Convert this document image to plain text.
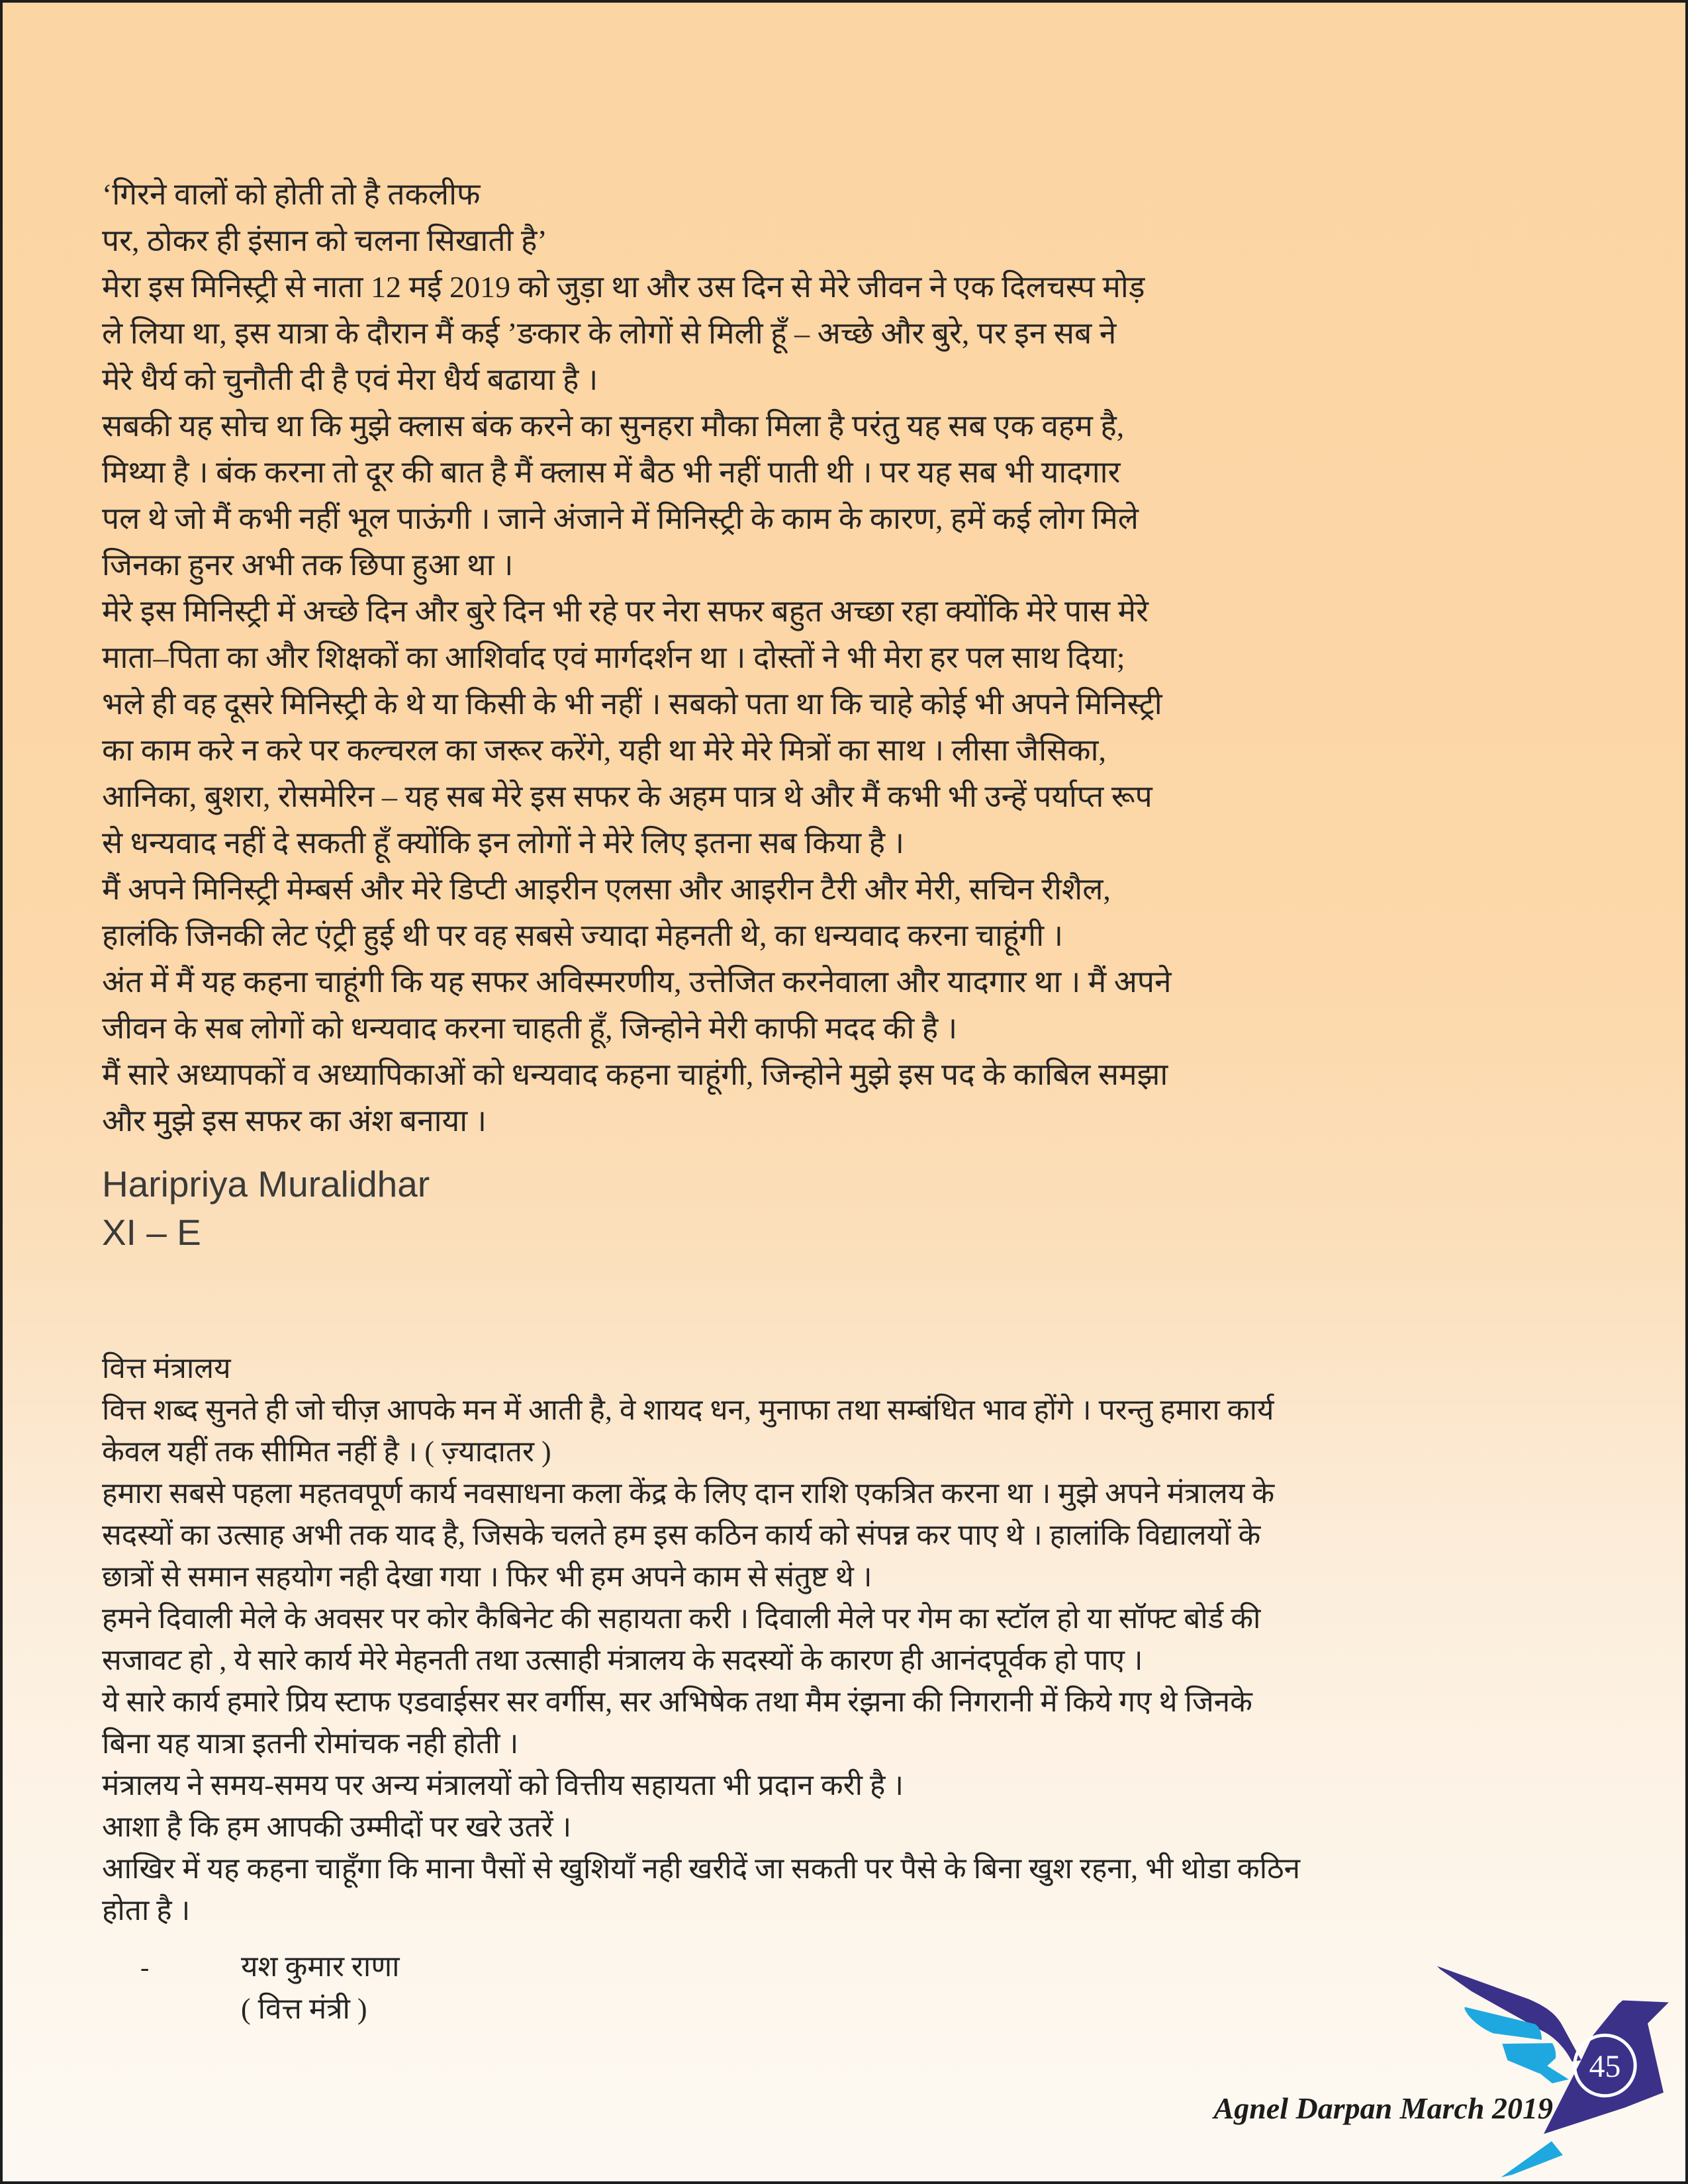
‘गिरने वालों को होती तो है तकलीफ
पर, ठोकर ही इंसान को चलना सिखाती है’
मेरा इस मिनिस्ट्री से नाता 12 मई 2019 को जुड़ा था और उस दिन से मेरे जीवन ने एक दिलचस्प मोड़
ले लिया था, इस यात्रा के दौरान मैं कई ’ङकार के लोगों से मिली हूँ – अच्छे और बुरे, पर इन सब ने
मेरे धैर्य को चुनौती दी है एवं मेरा धैर्य बढाया है ।
सबकी यह सोच था कि मुझे क्लास बंक करने का सुनहरा मौका मिला है परंतु यह सब एक वहम है,
मिथ्या है । बंक करना तो दूर की बात है मैं क्लास में बैठ भी नहीं पाती थी । पर यह सब भी यादगार
पल थे जो मैं कभी नहीं भूल पाऊंगी । जाने अंजाने में मिनिस्ट्री के काम के कारण, हमें कई लोग मिले
जिनका हुनर अभी तक छिपा हुआ था ।
मेरे इस मिनिस्ट्री में अच्छे दिन और बुरे दिन भी रहे पर नेरा सफर बहुत अच्छा रहा क्योंकि मेरे पास मेरे
माता–पिता का और शिक्षकों का आशिर्वाद एवं मार्गदर्शन था । दोस्तों ने भी मेरा हर पल साथ दिया;
भले ही वह दूसरे मिनिस्ट्री के थे या किसी के भी नहीं । सबको पता था कि चाहे कोई भी अपने मिनिस्ट्री
का काम करे न करे पर कल्चरल का जरूर करेंगे, यही था मेरे मेरे मित्रों का साथ । लीसा जैसिका,
आनिका, बुशरा, रोसमेरिन – यह सब मेरे इस सफर के अहम पात्र थे और मैं कभी भी उन्हें पर्याप्त रूप
से धन्यवाद नहीं दे सकती हूँ क्योंकि इन लोगों ने मेरे लिए इतना सब किया है ।
मैं अपने मिनिस्ट्री मेम्बर्स और मेरे डिप्टी आइरीन एलसा और आइरीन टैरी और मेरी, सचिन रीशैल,
हालंकि जिनकी लेट एंट्री हुई थी पर वह सबसे ज्यादा मेहनती थे, का धन्यवाद करना चाहूंगी ।
अंत में मैं यह कहना चाहूंगी कि यह सफर अविस्मरणीय, उत्तेजित करनेवाला और यादगार था । मैं अपने
जीवन के सब लोगों को धन्यवाद करना चाहती हूँ, जिन्होने मेरी काफी मदद की है ।
मैं सारे अध्यापकों व अध्यापिकाओं को धन्यवाद कहना चाहूंगी, जिन्होने मुझे इस पद के काबिल समझा
और मुझे इस सफर का अंश बनाया ।
Haripriya Muralidhar
XI – E
वित्त मंत्रालय
वित्त शब्द सुनते ही जो चीज़ आपके मन में आती है, वे शायद धन, मुनाफा तथा सम्बंधित भाव होंगे । परन्तु हमारा कार्य
केवल यहीं तक सीमित नहीं है । ( ज़्यादातर )
हमारा सबसे पहला महतवपूर्ण कार्य नवसाधना कला केंद्र के लिए दान राशि एकत्रित करना था । मुझे अपने मंत्रालय के
सदस्यों का उत्साह अभी तक याद है, जिसके चलते हम इस कठिन कार्य को संपन्न कर पाए थे । हालांकि विद्यालयों के
छात्रों से समान सहयोग नही देखा गया । फिर भी हम अपने काम से संतुष्ट थे ।
हमने दिवाली मेले के अवसर पर कोर कैबिनेट की सहायता करी । दिवाली मेले पर गेम का स्टॉल हो या सॉफ्ट बोर्ड की
सजावट हो , ये सारे कार्य मेरे मेहनती तथा उत्साही मंत्रालय के सदस्यों के कारण ही आनंदपूर्वक हो पाए ।
ये सारे कार्य हमारे प्रिय स्टाफ एडवाईसर सर वर्गीस, सर अभिषेक तथा मैम रंझना की निगरानी में किये गए थे जिनके
बिना यह यात्रा इतनी रोमांचक नही होती ।
मंत्रालय ने समय-समय पर अन्य मंत्रालयों को वित्तीय सहायता भी प्रदान करी है ।
आशा है कि हम आपकी उम्मीदों पर खरे उतरें ।
आखिर में यह कहना चाहूँगा कि माना पैसों से खुशियाँ नही खरीदें जा सकती पर पैसे के बिना खुश रहना, भी थोडा कठिन
होता है ।
-	यश कुमार राणा
( वित्त मंत्री )
Agnel Darpan March 2019
45
